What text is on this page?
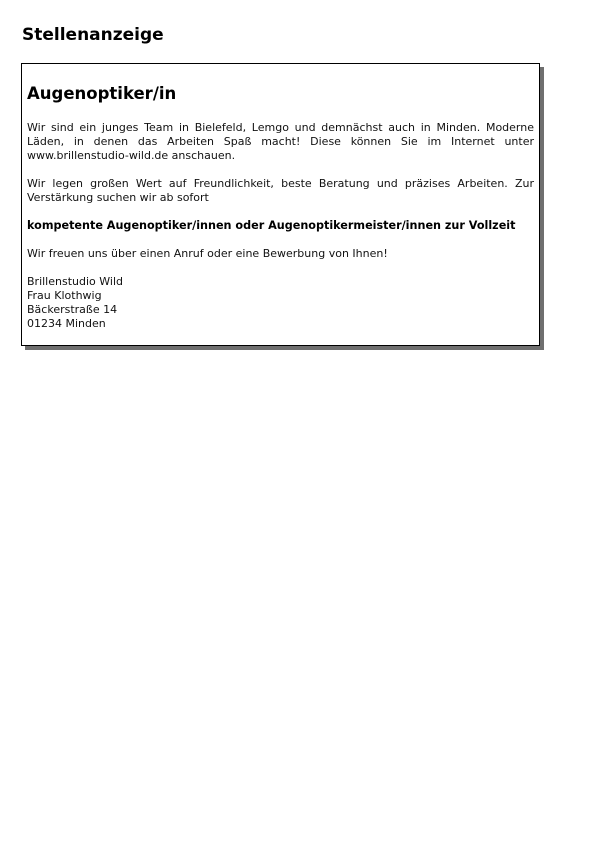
Stellenanzeige
Augenoptiker/in

Wir sind ein junges Team in Bielefeld, Lemgo und demnächst auch in Minden. Moderne Läden, in denen das Arbeiten Spaß macht! Diese können Sie im Internet unter www.brillenstudio-wild.de anschauen.

Wir legen großen Wert auf Freundlichkeit, beste Beratung und präzises Arbeiten. Zur Verstärkung suchen wir ab sofort

kompetente Augenoptiker/innen oder Augenoptikermeister/innen zur Vollzeit

Wir freuen uns über einen Anruf oder eine Bewerbung von Ihnen!

Brillenstudio Wild
Frau Klothwig
Bäckerstraße 14
01234 Minden
